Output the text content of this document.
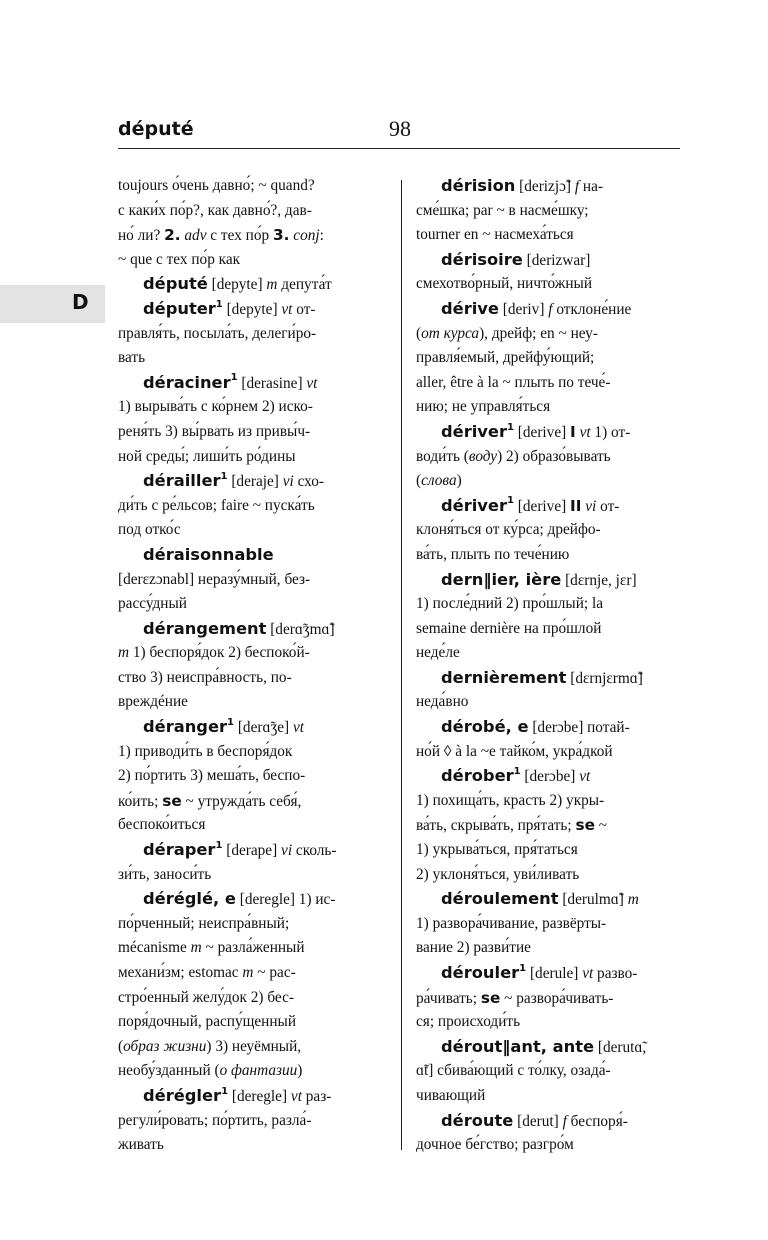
député	98
D
toujours о́чень давно́; ~ quand?
с каки́х по́р?, как давно́?, дав-
но́ ли? 2. adv с тех по́р 3. conj:
~ que с тех по́р как
député [depyte] m депута́т
députer$^1$ [depyte] vt от-
правля́ть, посыла́ть, делеги́ро-
вать
déraciner$^1$ [derasine] vt
1) вырыва́ть с ко́рнем 2) иско-
реня́ть 3) вы́рвать из привы́ч-
ной среды́; лиши́ть ро́дины
dérailler$^1$ [deraje] vi схо-
ди́ть с ре́льсов; faire ~ пуска́ть
под отко́с
déraisonnable
[derɛzɔnabl] неразу́мный, без-
рассу́дный
dérangement [derɑ̃ʒmɑ̃]
m 1) беспоря́док 2) беспоко́й-
ство 3) неиспра́вность, по-
вреждéние
déranger$^1$ [derɑ̃ʒe] vt
1) приводи́ть в беспоря́док
2) по́ртить 3) меша́ть, беспо-
ко́ить; se ~ утружда́ть себя́,
беспоко́иться
déraper$^1$ [derape] vi сколь-
зи́ть, заноси́ть
déréglé, e [deregle] 1) ис-
по́рченный; неиспра́вный;
mécanisme m ~ разла́женный
механи́зм; estomac m ~ рас-
стро́енный желу́док 2) бес-
поря́дочный, распу́щенный
(образ жизни) 3) неуёмный,
необу́зданный (о фантазии)
dérégler$^1$ [deregle] vt раз-
регули́ровать; по́ртить, разла́-
живать
dérision [derizjɔ̃] f на-
сме́шка; par ~ в насме́шку;
tourner en ~ насмеха́ться
dérisoire [derizwar]
смехотво́рный, ничто́жный
dérive [deriv] f отклоне́ние
(от курса), дрейф; en ~ неу-
правля́емый, дрейфу́ющий;
aller, être à la ~ плыть по тече́-
нию; не управля́ться
dériver$^1$ [derive] I vt 1) от-
води́ть (воду) 2) образо́вывать
(слова)
dériver$^1$ [derive] II vi от-
клоня́ться от ку́рса; дрейфо-
ва́ть, плыть по тече́нию
dern‖ier, ière [dɛrnje, jɛr]
1) после́дний 2) про́шлый; la
semaine dernière на про́шлой
неде́ле
dernièrement [dɛrnjɛrmɑ̃]
неда́вно
dérobé, e [derɔbe] потай-
но́й ◊ à la ~e тайко́м, укра́дкой
dérober$^1$ [derɔbe] vt
1) похища́ть, красть 2) укры-
ва́ть, скрыва́ть, пря́тать; se ~
1) укрыва́ться, пря́таться
2) уклоня́ться, уви́ливать
déroulement [derulmɑ̃] m
1) развора́чивание, развёрты-
вание 2) разви́тие
dérouler$^1$ [derule] vt разво-
ра́чивать; se ~ развора́чивать-
ся; происходи́ть
dérout‖ant, ante [derutɑ̃,
ɑ̃t] сбива́ющий с то́лку, озада́-
чивающий
déroute [derut] f беспоря́-
дочное бе́гство; разгро́м
